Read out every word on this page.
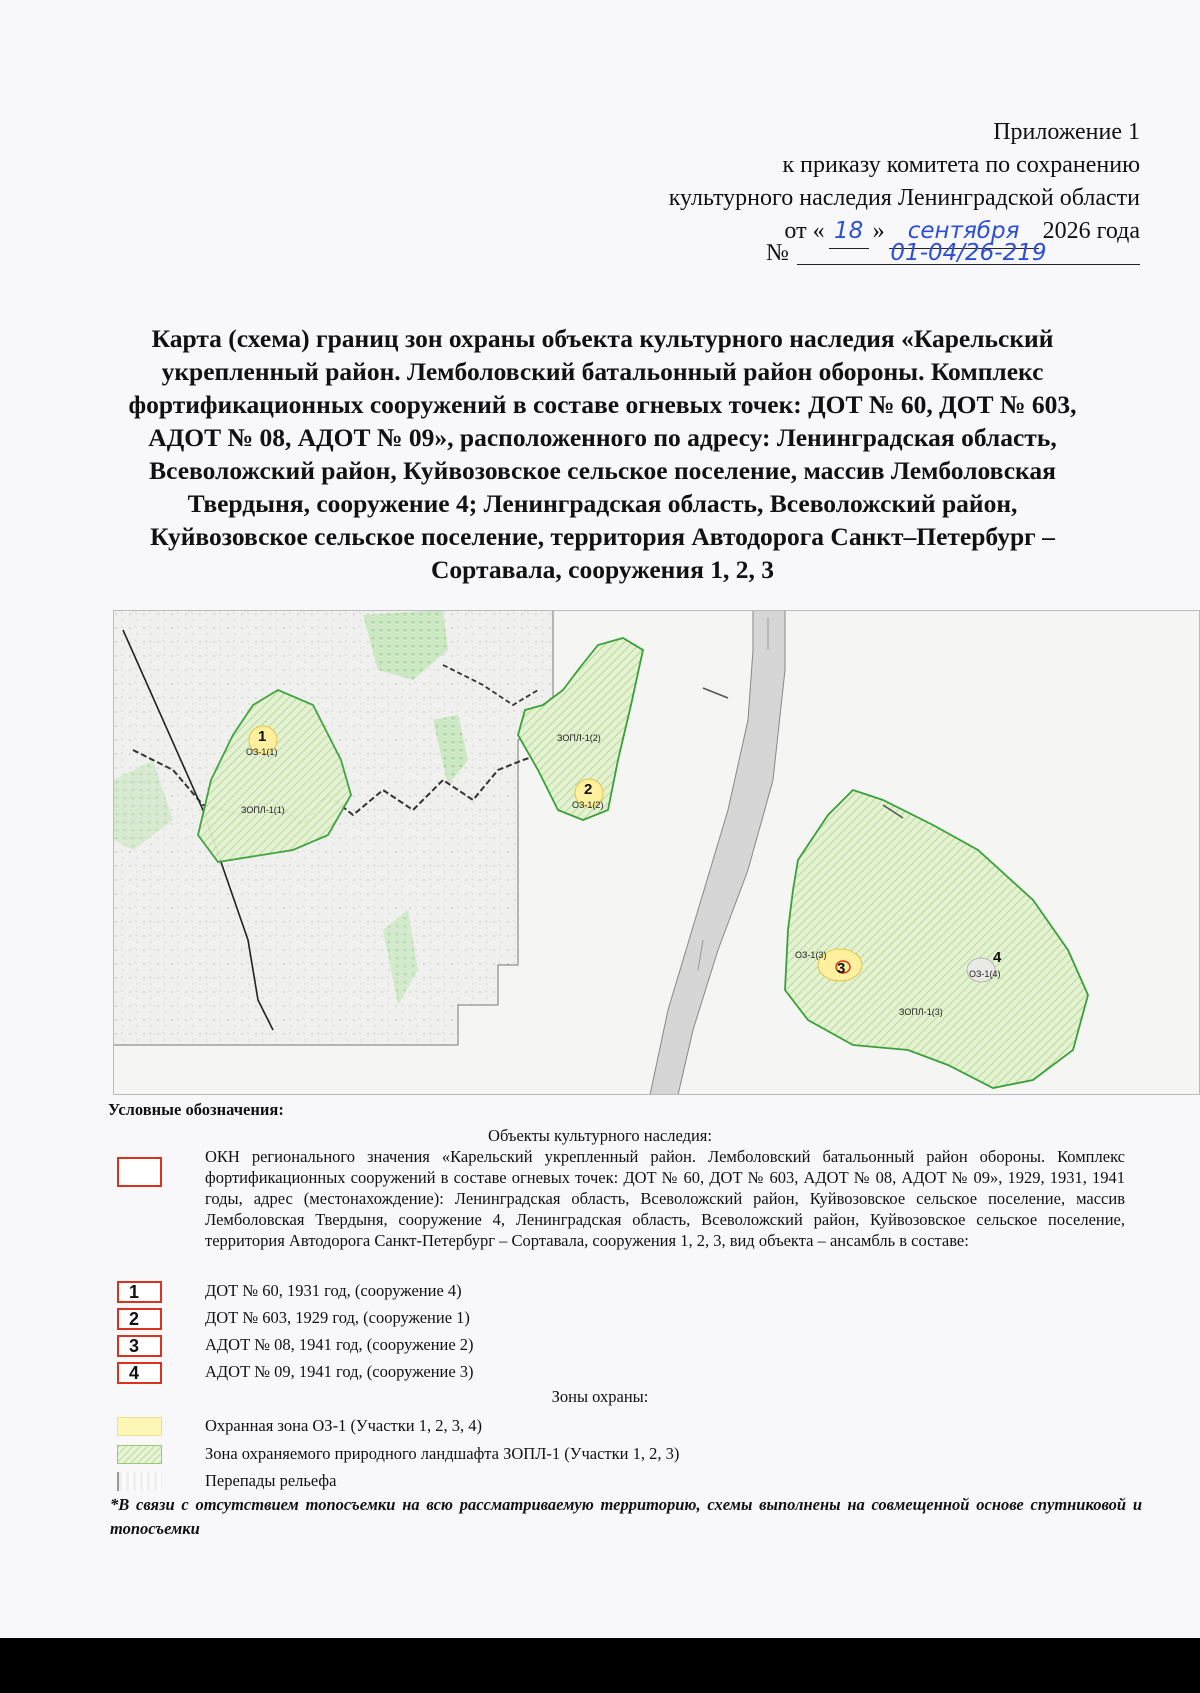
Приложение 1
к приказу комитета по сохранению
культурного наследия Ленинградской области
от « 18 »	сентября 2026 года
№	01-04/26-219
Карта (схема) границ зон охраны объекта культурного наследия «Карельский укрепленный район. Лемболовский батальонный район обороны. Комплекс фортификационных сооружений в составе огневых точек: ДОТ № 60, ДОТ № 603, АДОТ № 08, АДОТ № 09», расположенного по адресу: Ленинградская область, Всеволожский район, Куйвозовское сельское поселение, массив Лемболовская Твердыня, сооружение 4; Ленинградская область, Всеволожский район, Куйвозовское сельское поселение, территория Автодорога Санкт–Петербург – Сортавала, сооружения 1, 2, 3
ЗОПЛ-1(1)
1
ОЗ-1(1)
ЗОПЛ-1(2)
2
ОЗ-1(2)
ЗОПЛ-1(3)
3
ОЗ-1(3)	4
ОЗ-1(4)
Условные обозначения:
Объекты культурного наследия:
ОКН регионального значения «Карельский укрепленный район. Лемболовский батальонный район обороны. Комплекс фортификационных сооружений в составе огневых точек: ДОТ № 60, ДОТ № 603, АДОТ № 08, АДОТ № 09», 1929, 1931, 1941 годы, адрес (местонахождение): Ленинградская область, Всеволожский район, Куйвозовское сельское поселение, массив Лемболовская Твердыня, сооружение 4, Ленинградская область, Всеволожский район, Куйвозовское сельское поселение, территория Автодорога Санкт-Петербург – Сортавала, сооружения 1, 2, 3, вид объекта – ансамбль в составе:
1	ДОТ № 60, 1931 год, (сооружение 4)
2	ДОТ № 603, 1929 год, (сооружение 1)
3	АДОТ № 08, 1941 год, (сооружение 2)
4	АДОТ № 09, 1941 год, (сооружение 3)
Зоны охраны:
Охранная зона ОЗ-1 (Участки 1, 2, 3, 4)
Зона охраняемого природного ландшафта ЗОПЛ-1 (Участки 1, 2, 3)
Перепады рельефа
*В связи с отсутствием топосъемки на всю рассматриваемую территорию, схемы выполнены на совмещенной основе спутниковой и топосъемки
